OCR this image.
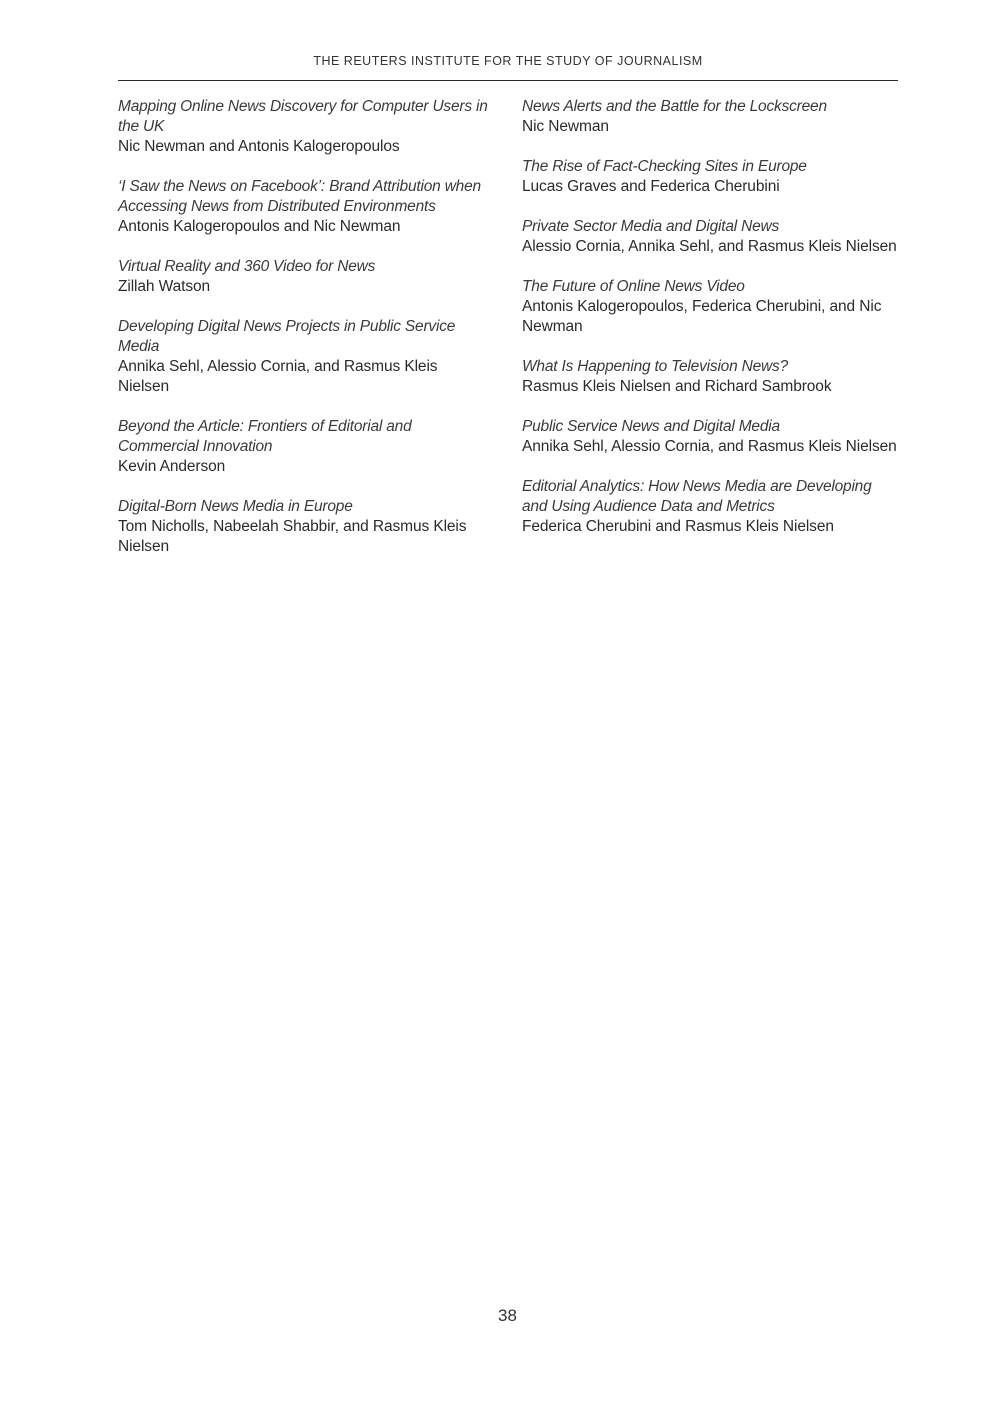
THE REUTERS INSTITUTE FOR THE STUDY OF JOURNALISM
Mapping Online News Discovery for Computer Users in the UK
Nic Newman and Antonis Kalogeropoulos
‘I Saw the News on Facebook’: Brand Attribution when Accessing News from Distributed Environments
Antonis Kalogeropoulos and Nic Newman
Virtual Reality and 360 Video for News
Zillah Watson
Developing Digital News Projects in Public Service Media
Annika Sehl, Alessio Cornia, and Rasmus Kleis Nielsen
Beyond the Article: Frontiers of Editorial and Commercial Innovation
Kevin Anderson
Digital-Born News Media in Europe
Tom Nicholls, Nabeelah Shabbir, and Rasmus Kleis Nielsen
News Alerts and the Battle for the Lockscreen
Nic Newman
The Rise of Fact-Checking Sites in Europe
Lucas Graves and Federica Cherubini
Private Sector Media and Digital News
Alessio Cornia, Annika Sehl, and Rasmus Kleis Nielsen
The Future of Online News Video
Antonis Kalogeropoulos, Federica Cherubini, and Nic Newman
What Is Happening to Television News?
Rasmus Kleis Nielsen and Richard Sambrook
Public Service News and Digital Media
Annika Sehl, Alessio Cornia, and Rasmus Kleis Nielsen
Editorial Analytics: How News Media are Developing and Using Audience Data and Metrics
Federica Cherubini and Rasmus Kleis Nielsen
38
